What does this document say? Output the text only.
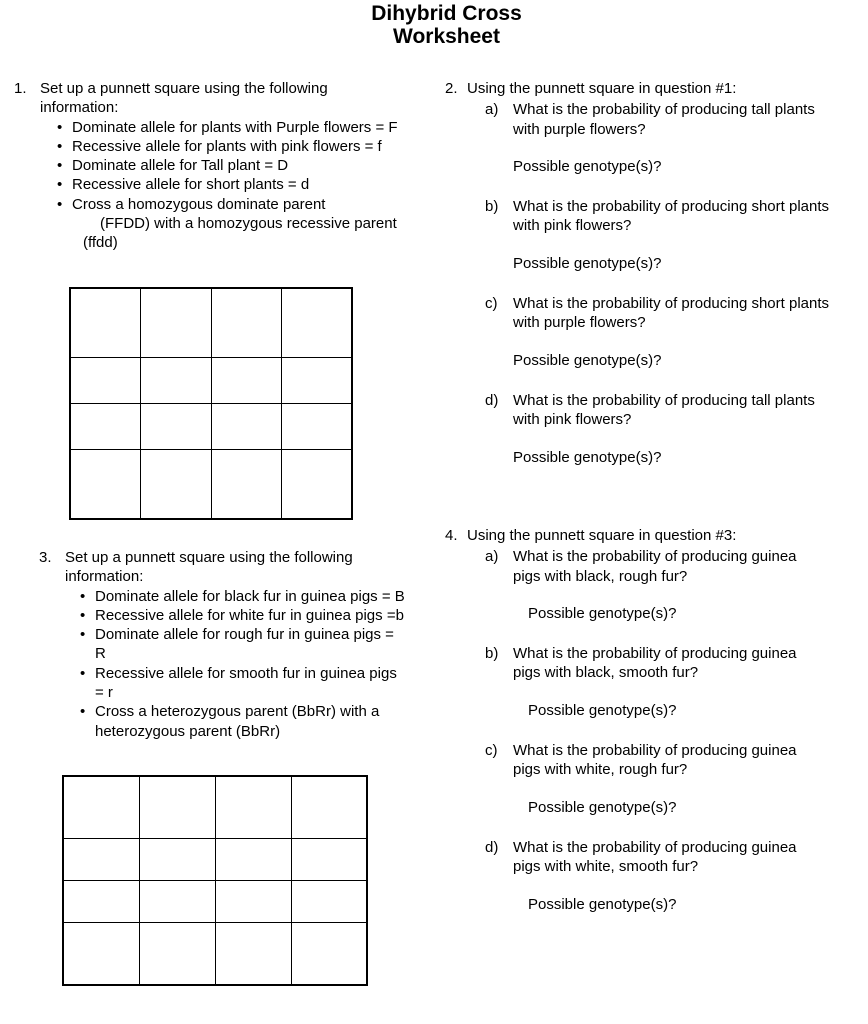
Dihybrid Cross
Worksheet
1. Set up a punnett square using the following
information:
• Dominate allele for plants with Purple flowers = F
• Recessive allele for plants with pink flowers = f
• Dominate allele for Tall plant = D
• Recessive allele for short plants = d
• Cross a homozygous dominate parent
(FFDD) with a homozygous recessive parent
(ffdd)

2. Using the punnett square in question #1:
a) What is the probability of producing tall plants
with purple flowers?
Possible genotype(s)?
b) What is the probability of producing short plants
with pink flowers?
Possible genotype(s)?
c)	What is the probability of producing short plants
with purple flowers?
Possible genotype(s)?
d) What is the probability of producing tall plants
with pink flowers?
Possible genotype(s)?
3. Set up a punnett square using the following
information:
• Dominate allele for black fur in guinea pigs = B
• Recessive allele for white fur in guinea pigs =b
• Dominate allele for rough fur in guinea pigs =
R
• Recessive allele for smooth fur in guinea pigs
= r
• Cross a heterozygous parent (BbRr) with a
heterozygous parent (BbRr)

4. Using the punnett square in question #3:
a) What is the probability of producing guinea
pigs with black, rough fur?
Possible genotype(s)?
b) What is the probability of producing guinea
pigs with black, smooth fur?
Possible genotype(s)?
c)	What is the probability of producing guinea
pigs with white, rough fur?
Possible genotype(s)?
d) What is the probability of producing guinea
pigs with white, smooth fur?
Possible genotype(s)?
